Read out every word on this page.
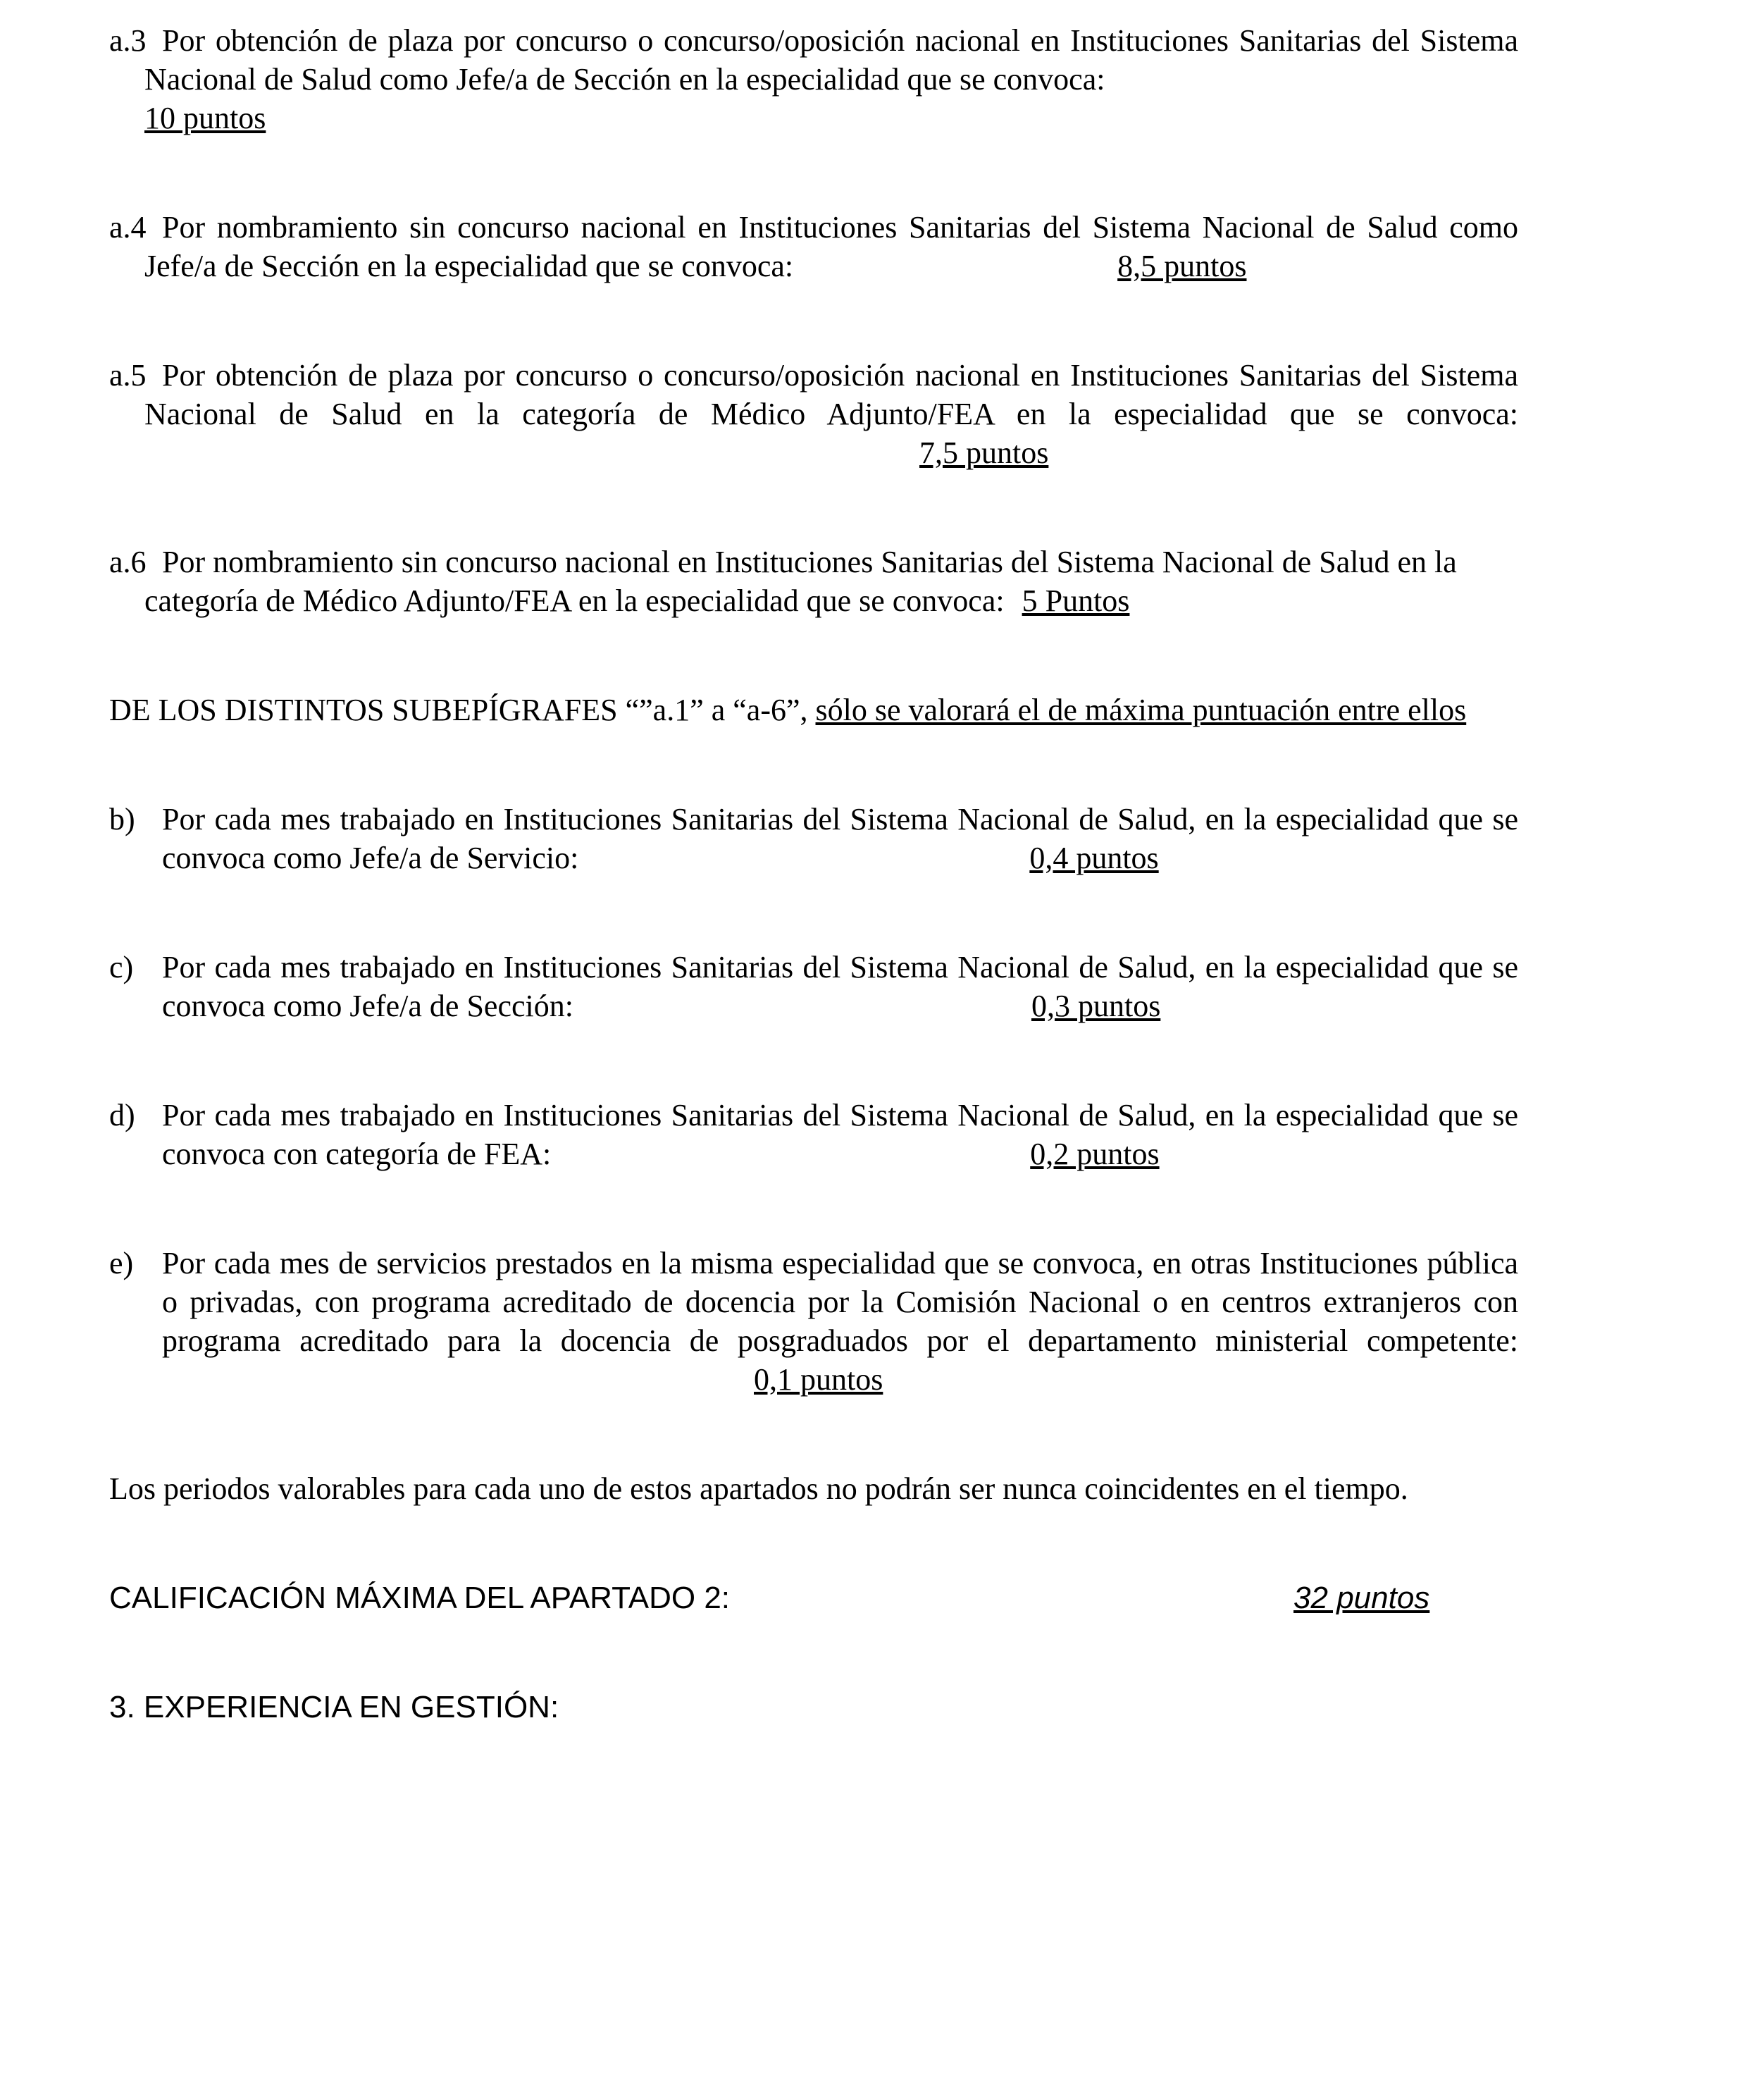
a.3 Por obtención de plaza por concurso o concurso/oposición nacional en Instituciones Sanitarias del Sistema Nacional de Salud como Jefe/a de Sección en la especialidad que se convoca:

10 puntos

a.4 Por nombramiento sin concurso nacional en Instituciones Sanitarias del Sistema Nacional de Salud como Jefe/a de Sección en la especialidad que se convoca:	8,5 puntos

a.5 Por obtención de plaza por concurso o concurso/oposición nacional en Instituciones Sanitarias del Sistema Nacional de Salud en la categoría de Médico Adjunto/FEA en la especialidad que se convoca:7,5 puntos

a.6 Por nombramiento sin concurso nacional en Instituciones Sanitarias del Sistema Nacional de Salud en la categoría de Médico Adjunto/FEA en la especialidad que se convoca: 5 Puntos

DE LOS DISTINTOS SUBEPÍGRAFES “”a.1” a “a-6”, sólo se valorará el de máxima puntuación entre ellos

b) Por cada mes trabajado en Instituciones Sanitarias del Sistema Nacional de Salud, en la especialidad que se convoca como Jefe/a de Servicio:	0,4 puntos

c) Por cada mes trabajado en Instituciones Sanitarias del Sistema Nacional de Salud, en la especialidad que se convoca como Jefe/a de Sección:	0,3 puntos

d) Por cada mes trabajado en Instituciones Sanitarias del Sistema Nacional de Salud, en la especialidad que se convoca con categoría de FEA:	0,2 puntos

e) Por cada mes de servicios prestados en la misma especialidad que se convoca, en otras Instituciones pública o privadas, con programa acreditado de docencia por la Comisión Nacional o en centros extranjeros con programa acreditado para la docencia de posgraduados por el departamento ministerial competente:0,1 puntos

Los periodos valorables para cada uno de estos apartados no podrán ser nunca coincidentes en el tiempo.

CALIFICACIÓN MÁXIMA DEL APARTADO 2:	32 puntos

3. EXPERIENCIA EN GESTIÓN:
